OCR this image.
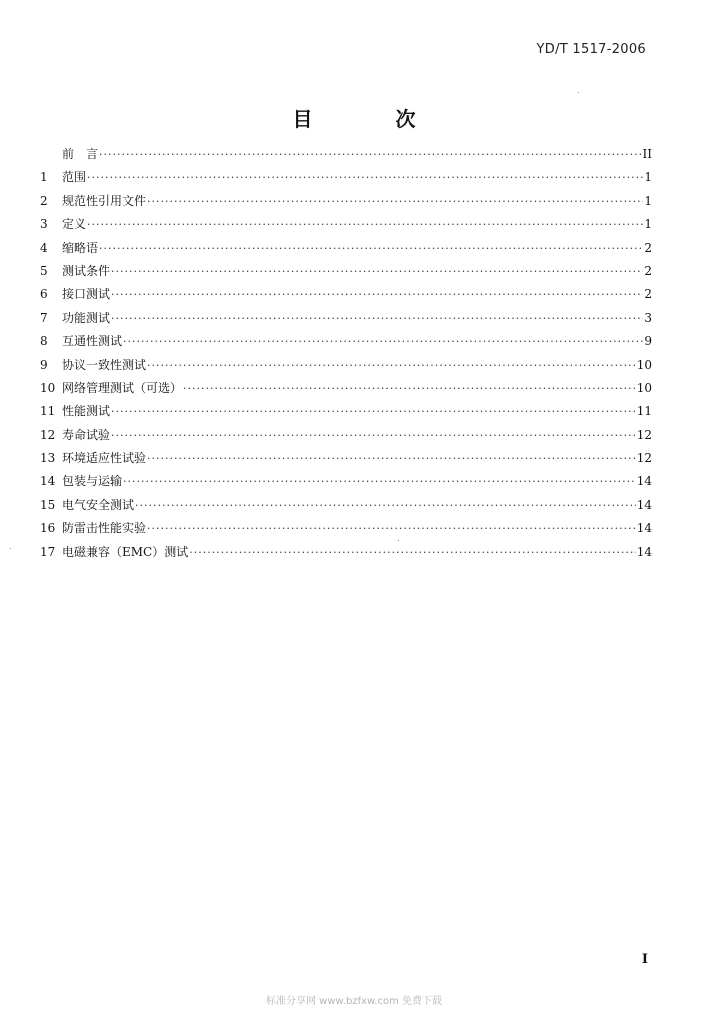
YD/T 1517-2006
目 次
前　言 ·····	II
1	范围 ·····	1
2	规范性引用文件 ·····	1
3	定义 ·····	1
4	缩略语 ·····	2
5	测试条件 ·····	2
6	接口测试 ·····	2
7	功能测试 ·····	3
8	互通性测试 ·····	9
9	协议一致性测试 ·····	10
10 网络管理测试（可选） ·····	10
11 性能测试 ·····	11
12 寿命试验 ·····	12
13 环境适应性试验 ·····	12
14 包装与运输 ·····	14
15 电气安全测试 ·····	14
16 防雷击性能实验 ·····	14
17 电磁兼容（EMC）测试 ·····	14
I
标准分享网 www.bzfxw.com 免费下载
